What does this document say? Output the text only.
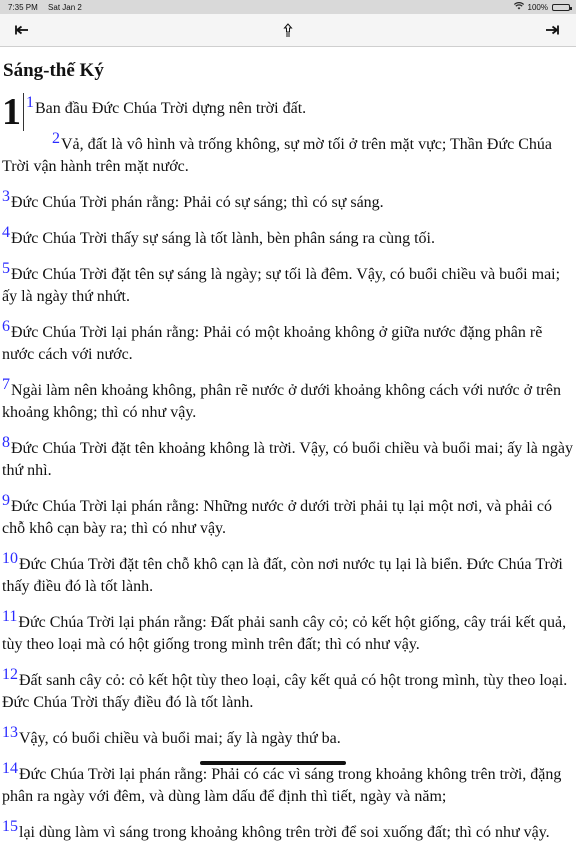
7:35 PM Sat Jan 2	100%
Sáng-thế Ký
1 1Ban đầu Đức Chúa Trời dựng nên trời đất.
2Vả, đất là vô hình và trống không, sự mờ tối ở trên mặt vực; Thần Đức Chúa Trời vận hành trên mặt nước.
3Đức Chúa Trời phán rằng: Phải có sự sáng; thì có sự sáng.
4Đức Chúa Trời thấy sự sáng là tốt lành, bèn phân sáng ra cùng tối.
5Đức Chúa Trời đặt tên sự sáng là ngày; sự tối là đêm. Vậy, có buổi chiều và buổi mai; ấy là ngày thứ nhứt.
6Đức Chúa Trời lại phán rằng: Phải có một khoảng không ở giữa nước đặng phân rẽ nước cách với nước.
7Ngài làm nên khoảng không, phân rẽ nước ở dưới khoảng không cách với nước ở trên khoảng không; thì có như vậy.
8Đức Chúa Trời đặt tên khoảng không là trời. Vậy, có buổi chiều và buổi mai; ấy là ngày thứ nhì.
9Đức Chúa Trời lại phán rằng: Những nước ở dưới trời phải tụ lại một nơi, và phải có chỗ khô cạn bày ra; thì có như vậy.
10Đức Chúa Trời đặt tên chỗ khô cạn là đất, còn nơi nước tụ lại là biển. Đức Chúa Trời thấy điều đó là tốt lành.
11Đức Chúa Trời lại phán rằng: Đất phải sanh cây cỏ; cỏ kết hột giống, cây trái kết quả, tùy theo loại mà có hột giống trong mình trên đất; thì có như vậy.
12Đất sanh cây cỏ: cỏ kết hột tùy theo loại, cây kết quả có hột trong mình, tùy theo loại. Đức Chúa Trời thấy điều đó là tốt lành.
13Vậy, có buổi chiều và buổi mai; ấy là ngày thứ ba.
14Đức Chúa Trời lại phán rằng: Phải có các vì sáng trong khoảng không trên trời, đặng phân ra ngày với đêm, và dùng làm dấu để định thì tiết, ngày và năm;
15lại dùng làm vì sáng trong khoảng không trên trời để soi xuống đất; thì có như vậy.
